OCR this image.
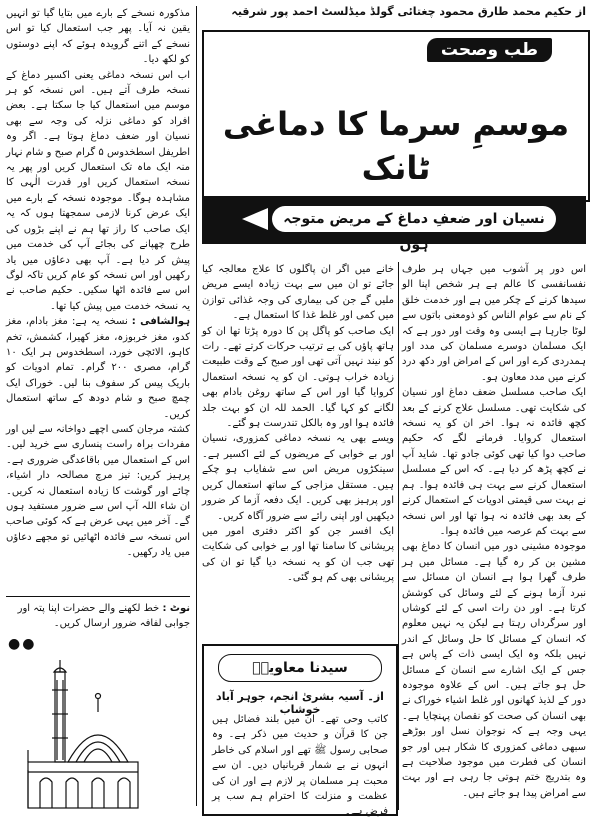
از حکیم محمد طارق محمود چغتائی گولڈ میڈلسٹ احمد پور شرقیہ
طب وصحت
موسمِ سرما کا دماغی ٹانک
نسیان اور ضعفِ دماغ کے مریض متوجہ ہوں

اس دور پر آشوب میں جہاں ہر طرف نفسانفسی کا عالم ہے ہر شخص اپنا الو سیدھا کرنے کے چکر میں ہے اور خدمت خلق کے نام سے عوام الناس کو ذومعنی باتوں سے لوٹا جارہا ہے ایسی وہ وقت اور دور ہے کہ ایک مسلمان دوسرے مسلمان کی مدد اور ہمدردی کرے اور اس کے امراض اور دکھ درد کرنے میں مدد معاون ہو۔

ایک صاحب مسلسل ضعف دماغ اور نسیان کی شکایت تھی۔ مسلسل علاج کرنے کے بعد کچھ فائدہ نہ ہوا۔ اخر ان کو یہ نسخہ استعمال کروایا۔ فرمانے لگے کہ حکیم صاحب دوا کیا تھی کوئی جادو تھا۔ شاید آپ نے کچھ پڑھ کر دیا ہے۔ کہ اس کے مسلسل استعمال کرنے سے بہت ہی فائدہ ہوا۔ ہم نے بہت سی قیمتی ادویات کے استعمال کرنے کے بعد بھی فائدہ نہ ہوا تھا اور اس نسخہ سے بہت کم عرصہ میں فائدہ ہوا۔

موجودہ مشینی دور میں انسان کا دماغ بھی مشین بن کر رہ گیا ہے۔ مسائل میں ہر طرف گھرا ہوا ہے انسان ان مسائل سے نبرد آزما ہونے کے لئے وسائل کی کوشش کرتا ہے۔ اور دن رات اسی کے لئے کوشاں اور سرگرداں رہتا ہے لیکن یہ نہیں معلوم کہ انسان کے مسائل کا حل وسائل کے اندر نہیں بلکہ وہ ایک ایسی ذات کے پاس ہے جس کے ایک اشارے سے انسان کے مسائل حل ہو جاتے ہیں۔ اس کے علاوہ موجودہ دور کے لذیذ کھانوں اور غلط اشیاء خوراک نے بھی انسان کی صحت کو نقصان پہنچایا ہے۔ یہی وجہ ہے کہ نوجوان نسل اور بوڑھے سبھی دماغی کمزوری کا شکار ہیں اور جو انسان کی فطرت میں موجود صلاحیت ہے وہ بتدریج ختم ہوتی جا رہی ہے اور بہت سے امراض پیدا ہو جاتے ہیں۔

خانے میں اگر ان پاگلوں کا علاج معالجہ کیا جائے تو ان میں سے بہت زیادہ ایسے مریض ملیں گے جن کی بیماری کی وجہ غذائی توازن میں کمی اور غلط غذا کا استعمال ہے۔

ایک صاحب کو پاگل پن کا دورہ پڑتا تھا ان کو ہاتھ پاؤں کی بے ترتیب حرکات کرتے تھے۔ رات کو نیند نہیں آتی تھی اور صبح کے وقت طبیعت زیادہ خراب ہوتی۔ ان کو یہ نسخہ استعمال کروایا گیا اور اس کے ساتھ روغن بادام بھی لگانے کو کہا گیا۔ الحمد للہ ان کو بہت جلد فائدہ ہوا اور وہ بالکل تندرست ہو گئے۔

ویسے بھی یہ نسخہ دماغی کمزوری، نسیان اور بے خوابی کے مریضوں کے لئے اکسیر ہے۔ سینکڑوں مریض اس سے شفایاب ہو چکے ہیں۔ مستقل مزاجی کے ساتھ استعمال کریں اور پرہیز بھی کریں۔ ایک دفعہ آزما کر ضرور دیکھیں اور اپنی رائے سے ضرور آگاہ کریں۔

ایک افسر جن کو اکثر دفتری امور میں پریشانی کا سامنا تھا اور بے خوابی کی شکایت تھی جب ان کو یہ نسخہ دیا گیا تو ان کی پریشانی بھی کم ہو گئی۔

مذکورہ نسخے کے بارے میں بتایا گیا تو انہیں یقین نہ آیا۔ پھر جب استعمال کیا تو اس نسخے کے اتنے گرویدہ ہوئے کہ اپنے دوستوں کو لکھ دیا۔

اب اس نسخہ دماغی یعنی اکسیر دماغ کے نسخہ طرف آتے ہیں۔ اس نسخہ کو ہر موسم میں استعمال کیا جا سکتا ہے۔ بعض افراد کو دماغی نزلہ کی وجہ سے بھی نسیان اور ضعف دماغ ہوتا ہے۔ اگر وہ اطریفل اسطخدوس ۵ گرام صبح و شام نہار منہ ایک ماہ تک استعمال کریں اور پھر یہ نسخہ استعمال کریں اور قدرت الٰہی کا مشاہدہ ہوگا۔ موجودہ نسخہ کے بارے میں ایک عرض کرنا لازمی سمجھتا ہوں کہ یہ ایک صاحب کا راز تھا ہم نے اپنے بڑوں کی طرح چھپانے کی بجائے آپ کی خدمت میں پیش کر دیا ہے۔ آپ بھی دعاؤں میں یاد رکھیں اور اس نسخہ کو عام کریں تاکہ لوگ اس سے فائدہ اٹھا سکیں۔ حکیم صاحب نے یہ نسخہ خدمت میں پیش کیا تھا۔

ہوالشافی : نسخہ یہ ہے: مغز بادام، مغز کدو، مغز خربوزہ، مغز کھیرا، کشمش، تخم کاہو، الائچی خورد، اسطخدوس ہر ایک ۱۰ گرام، مصری ۲۰۰ گرام۔ تمام ادویات کو باریک پیس کر سفوف بنا لیں۔ خوراک ایک چمچ صبح و شام دودھ کے ساتھ استعمال کریں۔

کشتہ مرجان کسی اچھے دواخانہ سے لیں اور مفردات براہ راست پنساری سے خرید لیں۔ اس کے استعمال میں باقاعدگی ضروری ہے۔ پرہیز کریں: تیز مرچ مصالحہ دار اشیاء، چائے اور گوشت کا زیادہ استعمال نہ کریں۔ ان شاء اللہ آپ اس سے ضرور مستفید ہوں گے۔ آخر میں یہی عرض ہے کہ کوئی صاحب اس نسخہ سے فائدہ اٹھائیں تو مجھے دعاؤں میں یاد رکھیں۔

نوٹ : خط لکھنے والے حضرات اپنا پتہ اور جوابی لفافہ ضرور ارسال کریں۔
●●
سیدنا معاویہؓ
از۔ آسیہ بشریٰ انجم، جوہر آباد خوشاب
کاتب وحی تھے۔ ان میں بلند فضائل ہیں جن کا قرآن و حدیث میں ذکر ہے۔ وہ صحابی رسول ﷺ تھے اور اسلام کی خاطر انہوں نے بے شمار قربانیاں دیں۔ ان سے محبت ہر مسلمان پر لازم ہے اور ان کی عظمت و منزلت کا احترام ہم سب پر فرض ہے۔
